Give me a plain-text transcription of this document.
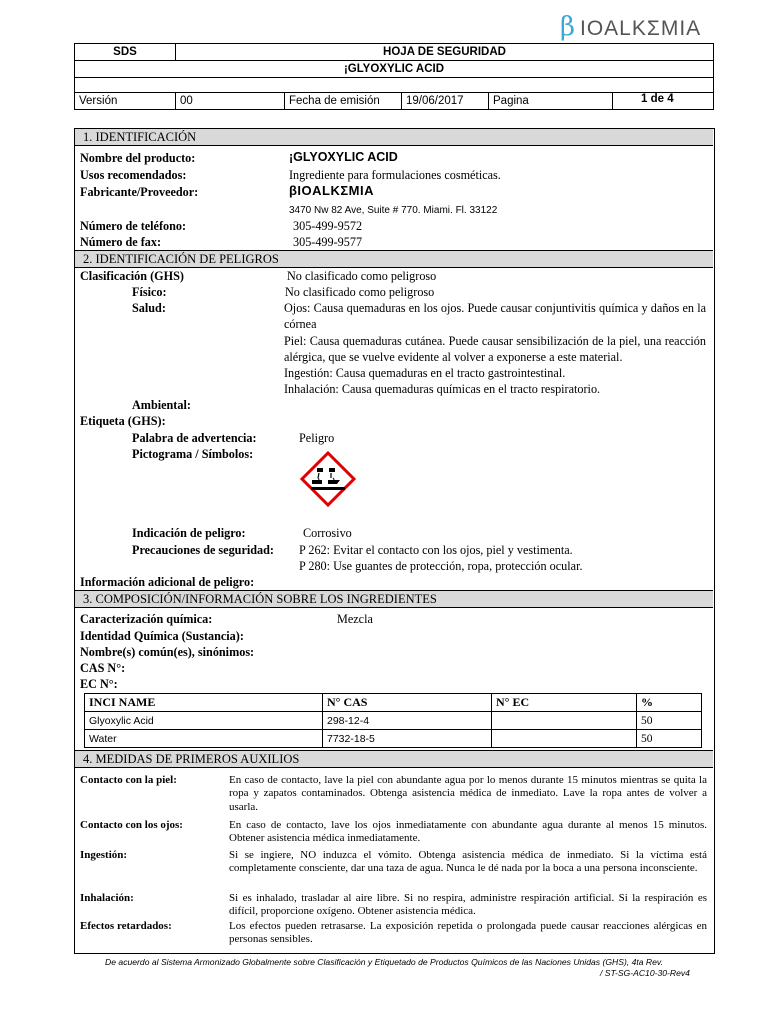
β IOALKΣMIA
SDS	HOJA DE SEGURIDAD				
¡GLYOXYLIC ACID					

Versión	00	Fecha de emisión	19/06/2017	Pagina	1 de 4
1. IDENTIFICACIÓN
Nombre del producto:	¡GLYOXYLIC ACID
Usos recomendados:	Ingrediente para formulaciones cosméticas.
Fabricante/Proveedor:	βIOALKΣMIA
3470 Nw 82 Ave, Suite # 770. Miami. Fl. 33122
Número de teléfono:	305-499-9572
Número de fax:	305-499-9577
2. IDENTIFICACIÓN DE PELIGROS
Clasificación (GHS)	No clasificado como peligroso
Físico:	No clasificado como peligroso
Salud:	Ojos: Causa quemaduras en los ojos. Puede causar conjuntivitis química y daños en la córnea
Piel: Causa quemaduras cutánea. Puede causar sensibilización de la piel, una reacción alérgica, que se vuelve evidente al volver a exponerse a este material.
Ingestión: Causa quemaduras en el tracto gastrointestinal.
Inhalación: Causa quemaduras químicas en el tracto respiratorio.
Ambiental:
Etiqueta (GHS):
Palabra de advertencia:	Peligro
Pictograma / Símbolos:
Indicación de peligro:	Corrosivo
Precauciones de seguridad: P 262: Evitar el contacto con los ojos, piel y vestimenta.
P 280: Use guantes de protección, ropa, protección ocular.
Información adicional de peligro:
3. COMPOSICIÓN/INFORMACIÓN SOBRE LOS INGREDIENTES
Caracterización química:	Mezcla
Identidad Química (Sustancia):
Nombre(s) común(es), sinónimos:
CAS N°:
EC N°:
INCI NAME	N° CAS	N° EC	%
Glyoxylic Acid	298-12-4		50
Water	7732-18-5		50
4. MEDIDAS DE PRIMEROS AUXILIOS
Contacto con la piel:	En caso de contacto, lave la piel con abundante agua por lo menos durante 15 minutos mientras se quita la ropa y zapatos contaminados. Obtenga asistencia médica de inmediato. Lave la ropa antes de volver a usarla.
Contacto con los ojos:	En caso de contacto, lave los ojos inmediatamente con abundante agua durante al menos 15 minutos. Obtener asistencia médica inmediatamente.
Ingestión:	Si se ingiere, NO induzca el vómito. Obtenga asistencia médica de inmediato. Si la víctima está completamente consciente, dar una taza de agua. Nunca le dé nada por la boca a una persona inconsciente.
Inhalación:	Si es inhalado, trasladar al aire libre. Si no respira, administre respiración artificial. Si la respiración es difícil, proporcione oxígeno. Obtener asistencia médica.
Efectos retardados:	Los efectos pueden retrasarse. La exposición repetida o prolongada puede causar reacciones alérgicas en personas sensibles.
De acuerdo al Sistema Armonizado Globalmente sobre Clasificación y Etiquetado de Productos Químicos de las Naciones Unidas (GHS), 4ta Rev.
/ ST-SG-AC10-30-Rev4
